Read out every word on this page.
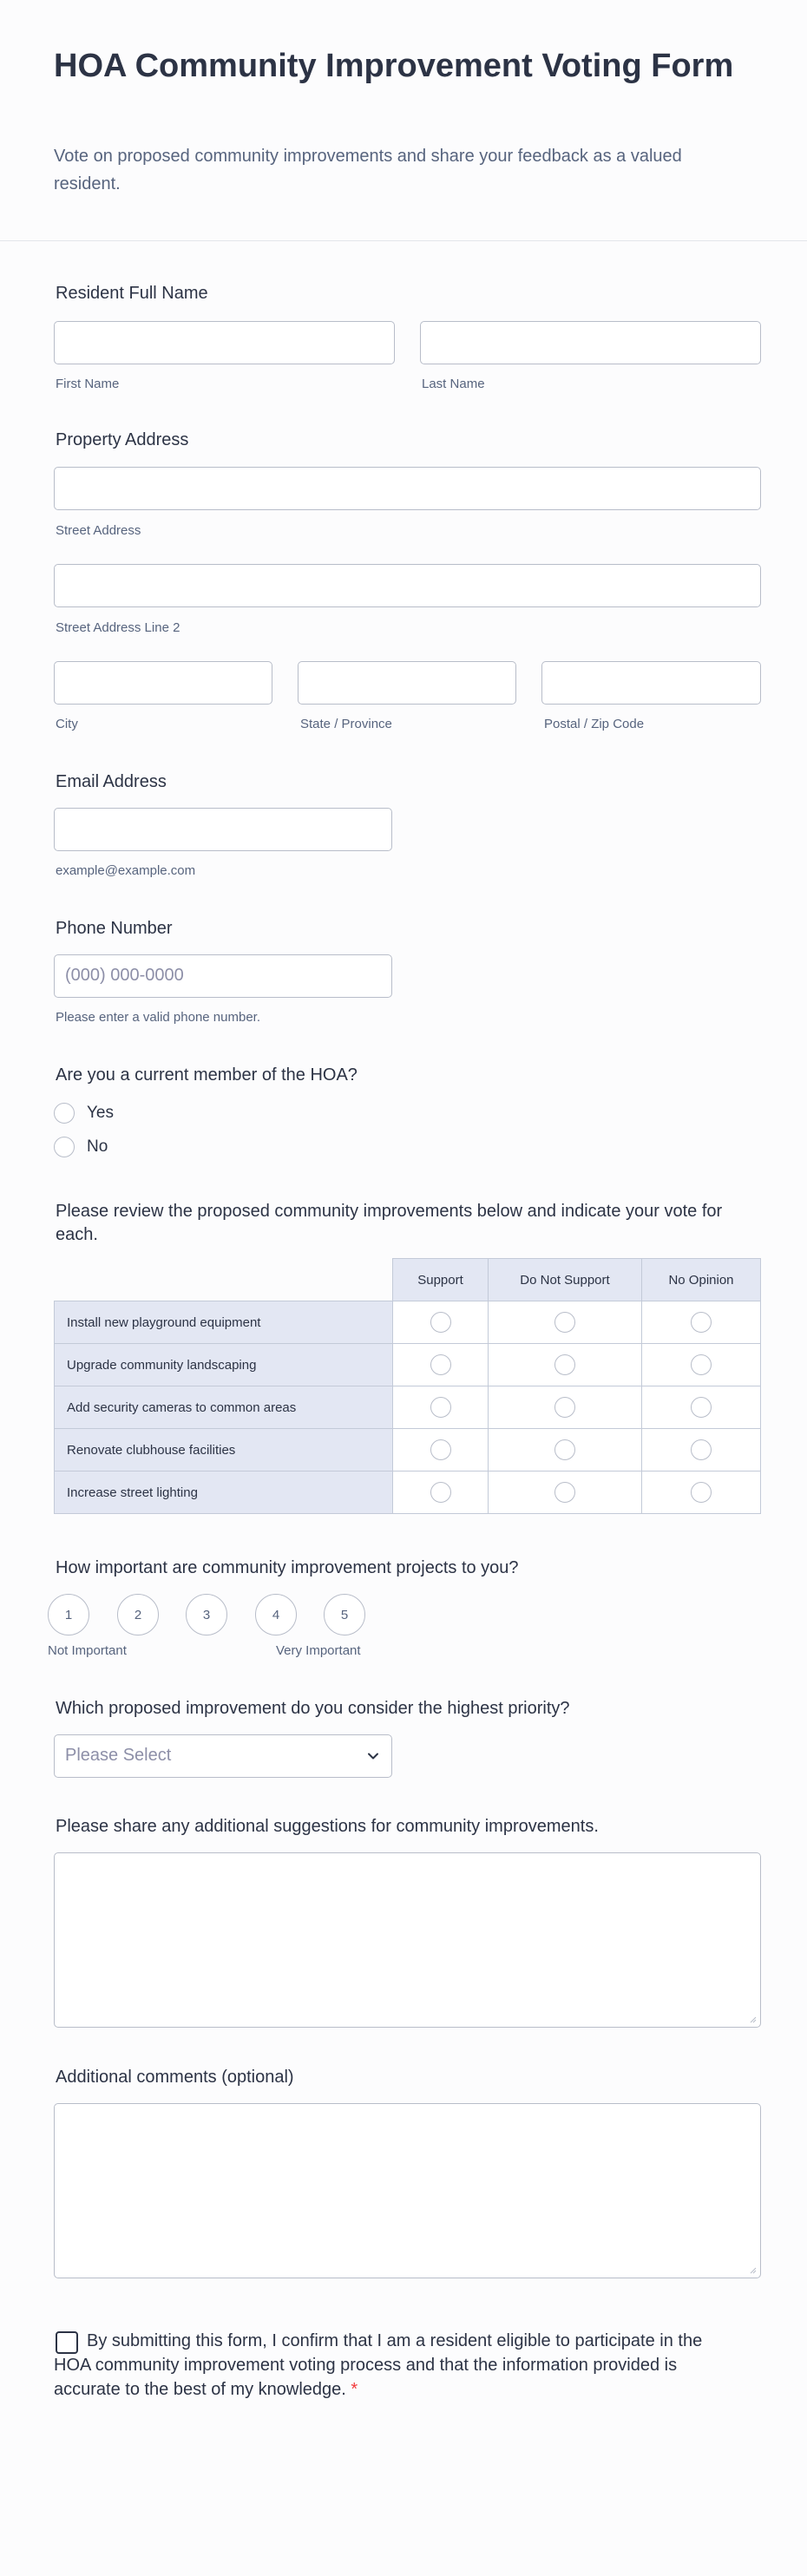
HOA Community Improvement Voting Form
Vote on proposed community improvements and share your feedback as a valued resident.
Resident Full Name
First Name	Last Name
Property Address
Street Address
Street Address Line 2
City	State / Province	Postal / Zip Code
Email Address
example@example.com
Phone Number
(000) 000-0000
Please enter a valid phone number.
Are you a current member of the HOA?
Yes
No
Please review the proposed community improvements below and indicate your vote for each.
Support	Do Not Support	No Opinion
Install new playground equipment
Upgrade community landscaping
Add security cameras to common areas
Renovate clubhouse facilities
Increase street lighting
How important are community improvement projects to you?
1	2	3	4	5
Not Important	Very Important
Which proposed improvement do you consider the highest priority?
Please Select
Please share any additional suggestions for community improvements.
Additional comments (optional)
By submitting this form, I confirm that I am a resident eligible to participate in the HOA community improvement voting process and that the information provided is accurate to the best of my knowledge. *
